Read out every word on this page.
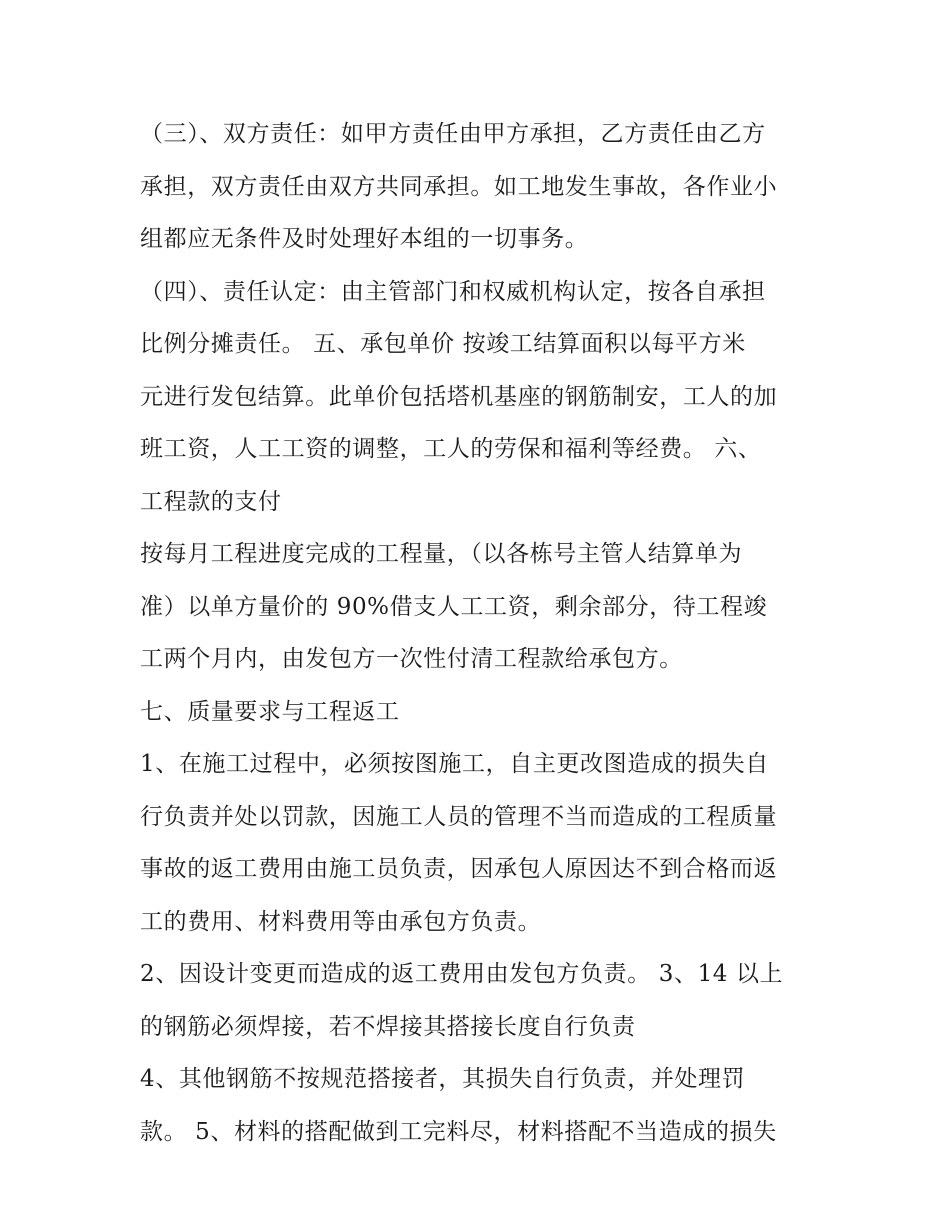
（三）、双方责任：如甲方责任由甲方承担，乙方责任由乙方
承担，双方责任由双方共同承担。如工地发生事故，各作业小
组都应无条件及时处理好本组的一切事务。
（四）、责任认定：由主管部门和权威机构认定，按各自承担
比例分摊责任。 五、承包单价 按竣工结算面积以每平方米
元进行发包结算。此单价包括塔机基座的钢筋制安，工人的加
班工资，人工工资的调整，工人的劳保和福利等经费。 六、
工程款的支付
按每月工程进度完成的工程量，（以各栋号主管人结算单为
准）以单方量价的 90%借支人工工资，剩余部分，待工程竣
工两个月内，由发包方一次性付清工程款给承包方。
七、质量要求与工程返工
1、在施工过程中，必须按图施工，自主更改图造成的损失自
行负责并处以罚款，因施工人员的管理不当而造成的工程质量
事故的返工费用由施工员负责，因承包人原因达不到合格而返
工的费用、材料费用等由承包方负责。
2、因设计变更而造成的返工费用由发包方负责。 3、14 以上
的钢筋必须焊接，若不焊接其搭接长度自行负责
4、其他钢筋不按规范搭接者，其损失自行负责，并处理罚
款。 5、材料的搭配做到工完料尽，材料搭配不当造成的损失
